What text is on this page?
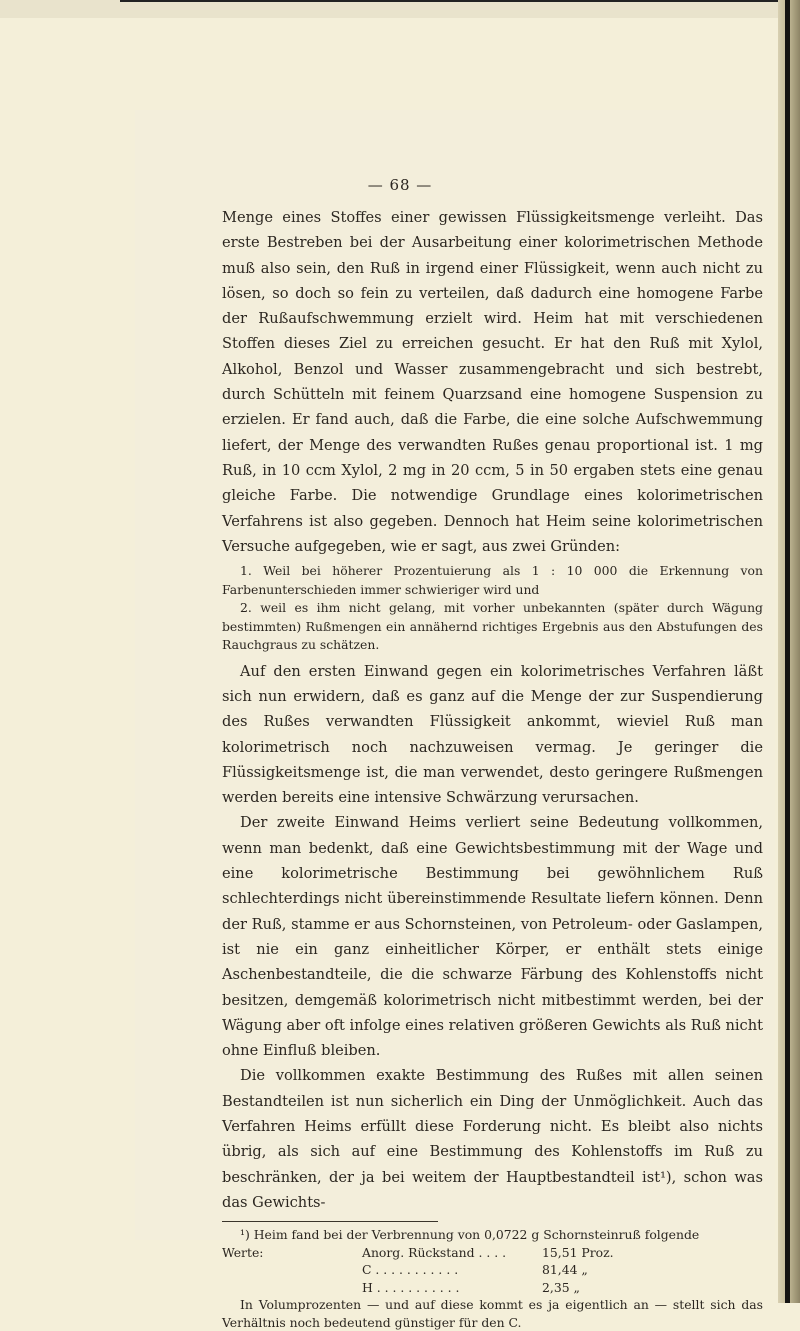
— 68 —

Menge eines Stoffes einer gewissen Flüssigkeitsmenge verleiht. Das erste Bestreben bei der Ausarbeitung einer kolorimetrischen Methode muß also sein, den Ruß in irgend einer Flüssigkeit, wenn auch nicht zu lösen, so doch so fein zu verteilen, daß dadurch eine homogene Farbe der Rußaufschwemmung erzielt wird. Heim hat mit verschiedenen Stoffen dieses Ziel zu erreichen gesucht. Er hat den Ruß mit Xylol, Alkohol, Benzol und Wasser zusammengebracht und sich bestrebt, durch Schütteln mit feinem Quarzsand eine homogene Suspension zu erzielen. Er fand auch, daß die Farbe, die eine solche Aufschwemmung liefert, der Menge des verwandten Rußes genau proportional ist. 1 mg Ruß, in 10 ccm Xylol, 2 mg in 20 ccm, 5 in 50 ergaben stets eine genau gleiche Farbe. Die notwendige Grundlage eines kolorimetrischen Verfahrens ist also gegeben. Dennoch hat Heim seine kolorimetrischen Versuche aufgegeben, wie er sagt, aus zwei Gründen:

1. Weil bei höherer Prozentuierung als 1 : 10 000 die Erkennung von Farbenunterschieden immer schwieriger wird und

2. weil es ihm nicht gelang, mit vorher unbekannten (später durch Wägung bestimmten) Rußmengen ein annähernd richtiges Ergebnis aus den Abstufungen des Rauchgraus zu schätzen.

Auf den ersten Einwand gegen ein kolorimetrisches Verfahren läßt sich nun erwidern, daß es ganz auf die Menge der zur Suspendierung des Rußes verwandten Flüssigkeit ankommt, wieviel Ruß man kolorimetrisch noch nachzuweisen vermag. Je geringer die Flüssigkeitsmenge ist, die man verwendet, desto geringere Rußmengen werden bereits eine intensive Schwärzung verursachen.

Der zweite Einwand Heims verliert seine Bedeutung vollkommen, wenn man bedenkt, daß eine Gewichtsbestimmung mit der Wage und eine kolorimetrische Bestimmung bei gewöhnlichem Ruß schlechterdings nicht übereinstimmende Resultate liefern können. Denn der Ruß, stamme er aus Schornsteinen, von Petroleum- oder Gaslampen, ist nie ein ganz einheitlicher Körper, er enthält stets einige Aschenbestandteile, die die schwarze Färbung des Kohlenstoffs nicht besitzen, demgemäß kolorimetrisch nicht mitbestimmt werden, bei der Wägung aber oft infolge eines relativen größeren Gewichts als Ruß nicht ohne Einfluß bleiben.

Die vollkommen exakte Bestimmung des Rußes mit allen seinen Bestandteilen ist nun sicherlich ein Ding der Unmöglichkeit. Auch das Verfahren Heims erfüllt diese Forderung nicht. Es bleibt also nichts übrig, als sich auf eine Bestimmung des Kohlenstoffs im Ruß zu beschränken, der ja bei weitem der Hauptbestandteil ist¹), schon was das Gewichts-

¹) Heim fand bei der Verbrennung von 0,0722 g Schornsteinruß folgende

Werte:	Anorg. Rückstand . . . .	15,51 Proz.
C . . . . . . . . . . .	81,44 „
H . . . . . . . . . . .	2,35 „

In Volumprozenten — und auf diese kommt es ja eigentlich an — stellt sich das Verhältnis noch bedeutend günstiger für den C.
